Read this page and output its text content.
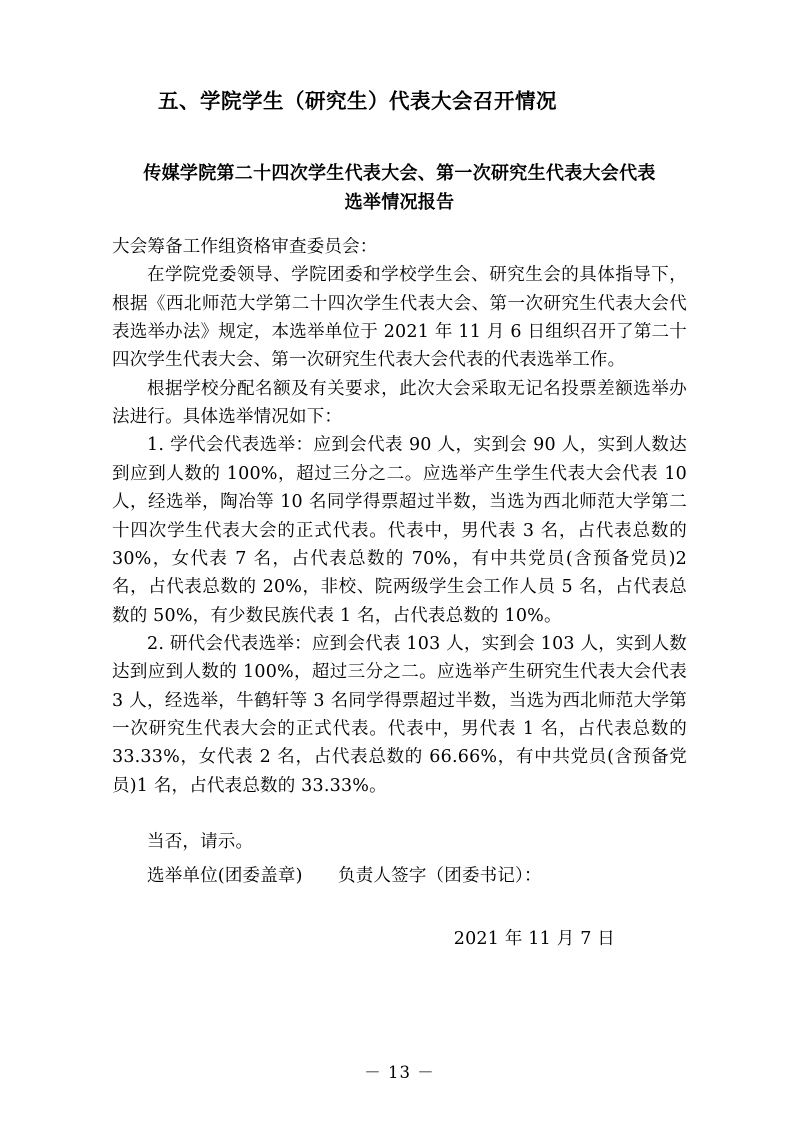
五、学院学生（研究生）代表大会召开情况
传媒学院第二十四次学生代表大会、第一次研究生代表大会代表
选举情况报告
大会筹备工作组资格审查委员会：

在学院党委领导、学院团委和学校学生会、研究生会的具体指导下，根据《西北师范大学第二十四次学生代表大会、第一次研究生代表大会代表选举办法》规定，本选举单位于 2021 年 11 月 6 日组织召开了第二十四次学生代表大会、第一次研究生代表大会代表的代表选举工作。

根据学校分配名额及有关要求，此次大会采取无记名投票差额选举办法进行。具体选举情况如下：

1. 学代会代表选举：应到会代表 90 人，实到会 90 人，实到人数达到应到人数的 100%，超过三分之二。应选举产生学生代表大会代表 10 人，经选举，陶冶等 10 名同学得票超过半数，当选为西北师范大学第二十四次学生代表大会的正式代表。代表中，男代表 3 名，占代表总数的 30%，女代表 7 名，占代表总数的 70%，有中共党员(含预备党员)2 名，占代表总数的 20%，非校、院两级学生会工作人员 5 名，占代表总数的 50%，有少数民族代表 1 名，占代表总数的 10%。

2. 研代会代表选举：应到会代表 103 人，实到会 103 人，实到人数达到应到人数的 100%，超过三分之二。应选举产生研究生代表大会代表 3 人，经选举，牛鹤轩等 3 名同学得票超过半数，当选为西北师范大学第一次研究生代表大会的正式代表。代表中，男代表 1 名，占代表总数的 33.33%，女代表 2 名，占代表总数的 66.66%，有中共党员(含预备党员)1 名，占代表总数的 33.33%。

当否，请示。

选举单位(团委盖章)　　负责人签字（团委书记）：

2021 年 11 月 7 日

－ 13 －
